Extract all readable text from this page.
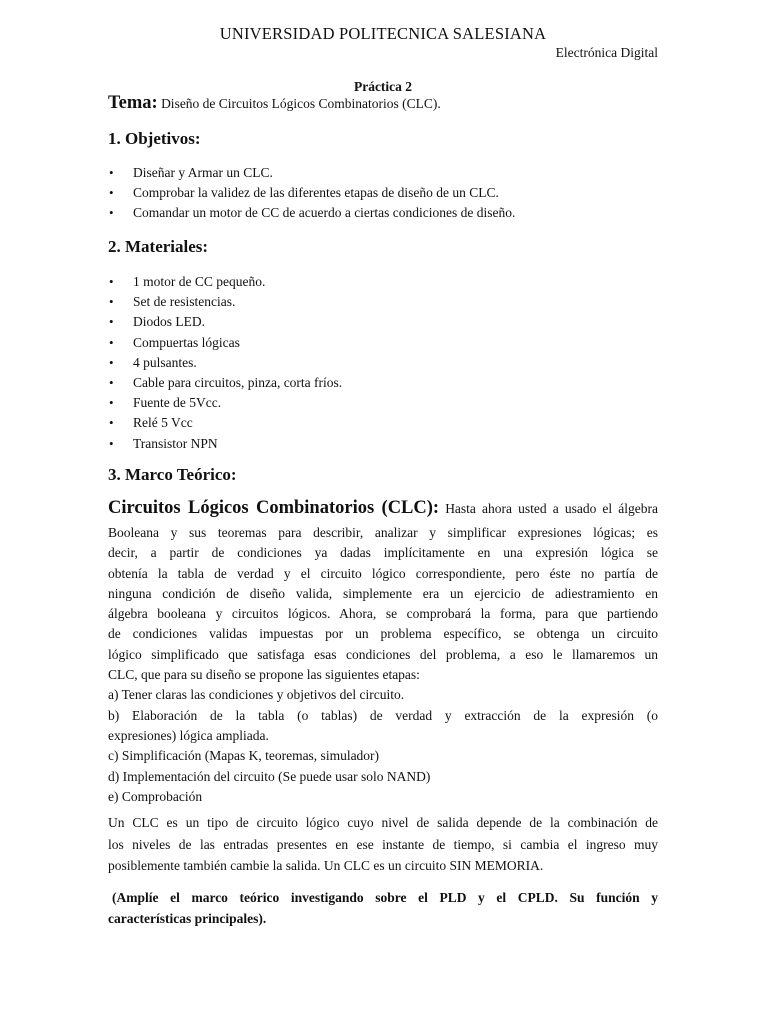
UNIVERSIDAD POLITECNICA SALESIANA
Electrónica Digital
Práctica 2
Tema: Diseño de Circuitos Lógicos Combinatorios (CLC).
1. Objetivos:
• Diseñar y Armar un CLC.
• Comprobar la validez de las diferentes etapas de diseño de un CLC.
• Comandar un motor de CC de acuerdo a ciertas condiciones de diseño.
2. Materiales:
• 1 motor de CC pequeño.
• Set de resistencias.
• Diodos LED.
• Compuertas lógicas
• 4 pulsantes.
• Cable para circuitos, pinza, corta fríos.
• Fuente de 5Vcc.
• Relé 5 Vcc
• Transistor NPN
3. Marco Teórico:
Circuitos Lógicos Combinatorios (CLC): Hasta ahora usted a usado el álgebra
Booleana y sus teoremas para describir, analizar y simplificar expresiones lógicas; es
decir, a partir de condiciones ya dadas implícitamente en una expresión lógica se
obtenía la tabla de verdad y el circuito lógico correspondiente, pero éste no partía de
ninguna condición de diseño valida, simplemente era un ejercicio de adiestramiento en
álgebra booleana y circuitos lógicos. Ahora, se comprobará la forma, para que partiendo
de condiciones validas impuestas por un problema específico, se obtenga un circuito
lógico simplificado que satisfaga esas condiciones del problema, a eso le llamaremos un
CLC, que para su diseño se propone las siguientes etapas:
a) Tener claras las condiciones y objetivos del circuito.
b) Elaboración de la tabla (o tablas) de verdad y extracción de la expresión (o
expresiones) lógica ampliada.
c) Simplificación (Mapas K, teoremas, simulador)
d) Implementación del circuito (Se puede usar solo NAND)
e) Comprobación
Un CLC es un tipo de circuito lógico cuyo nivel de salida depende de la combinación de
los niveles de las entradas presentes en ese instante de tiempo, si cambia el ingreso muy
posiblemente también cambie la salida. Un CLC es un circuito SIN MEMORIA.
(Amplíe el marco teórico investigando sobre el PLD y el CPLD. Su función y
características principales).
